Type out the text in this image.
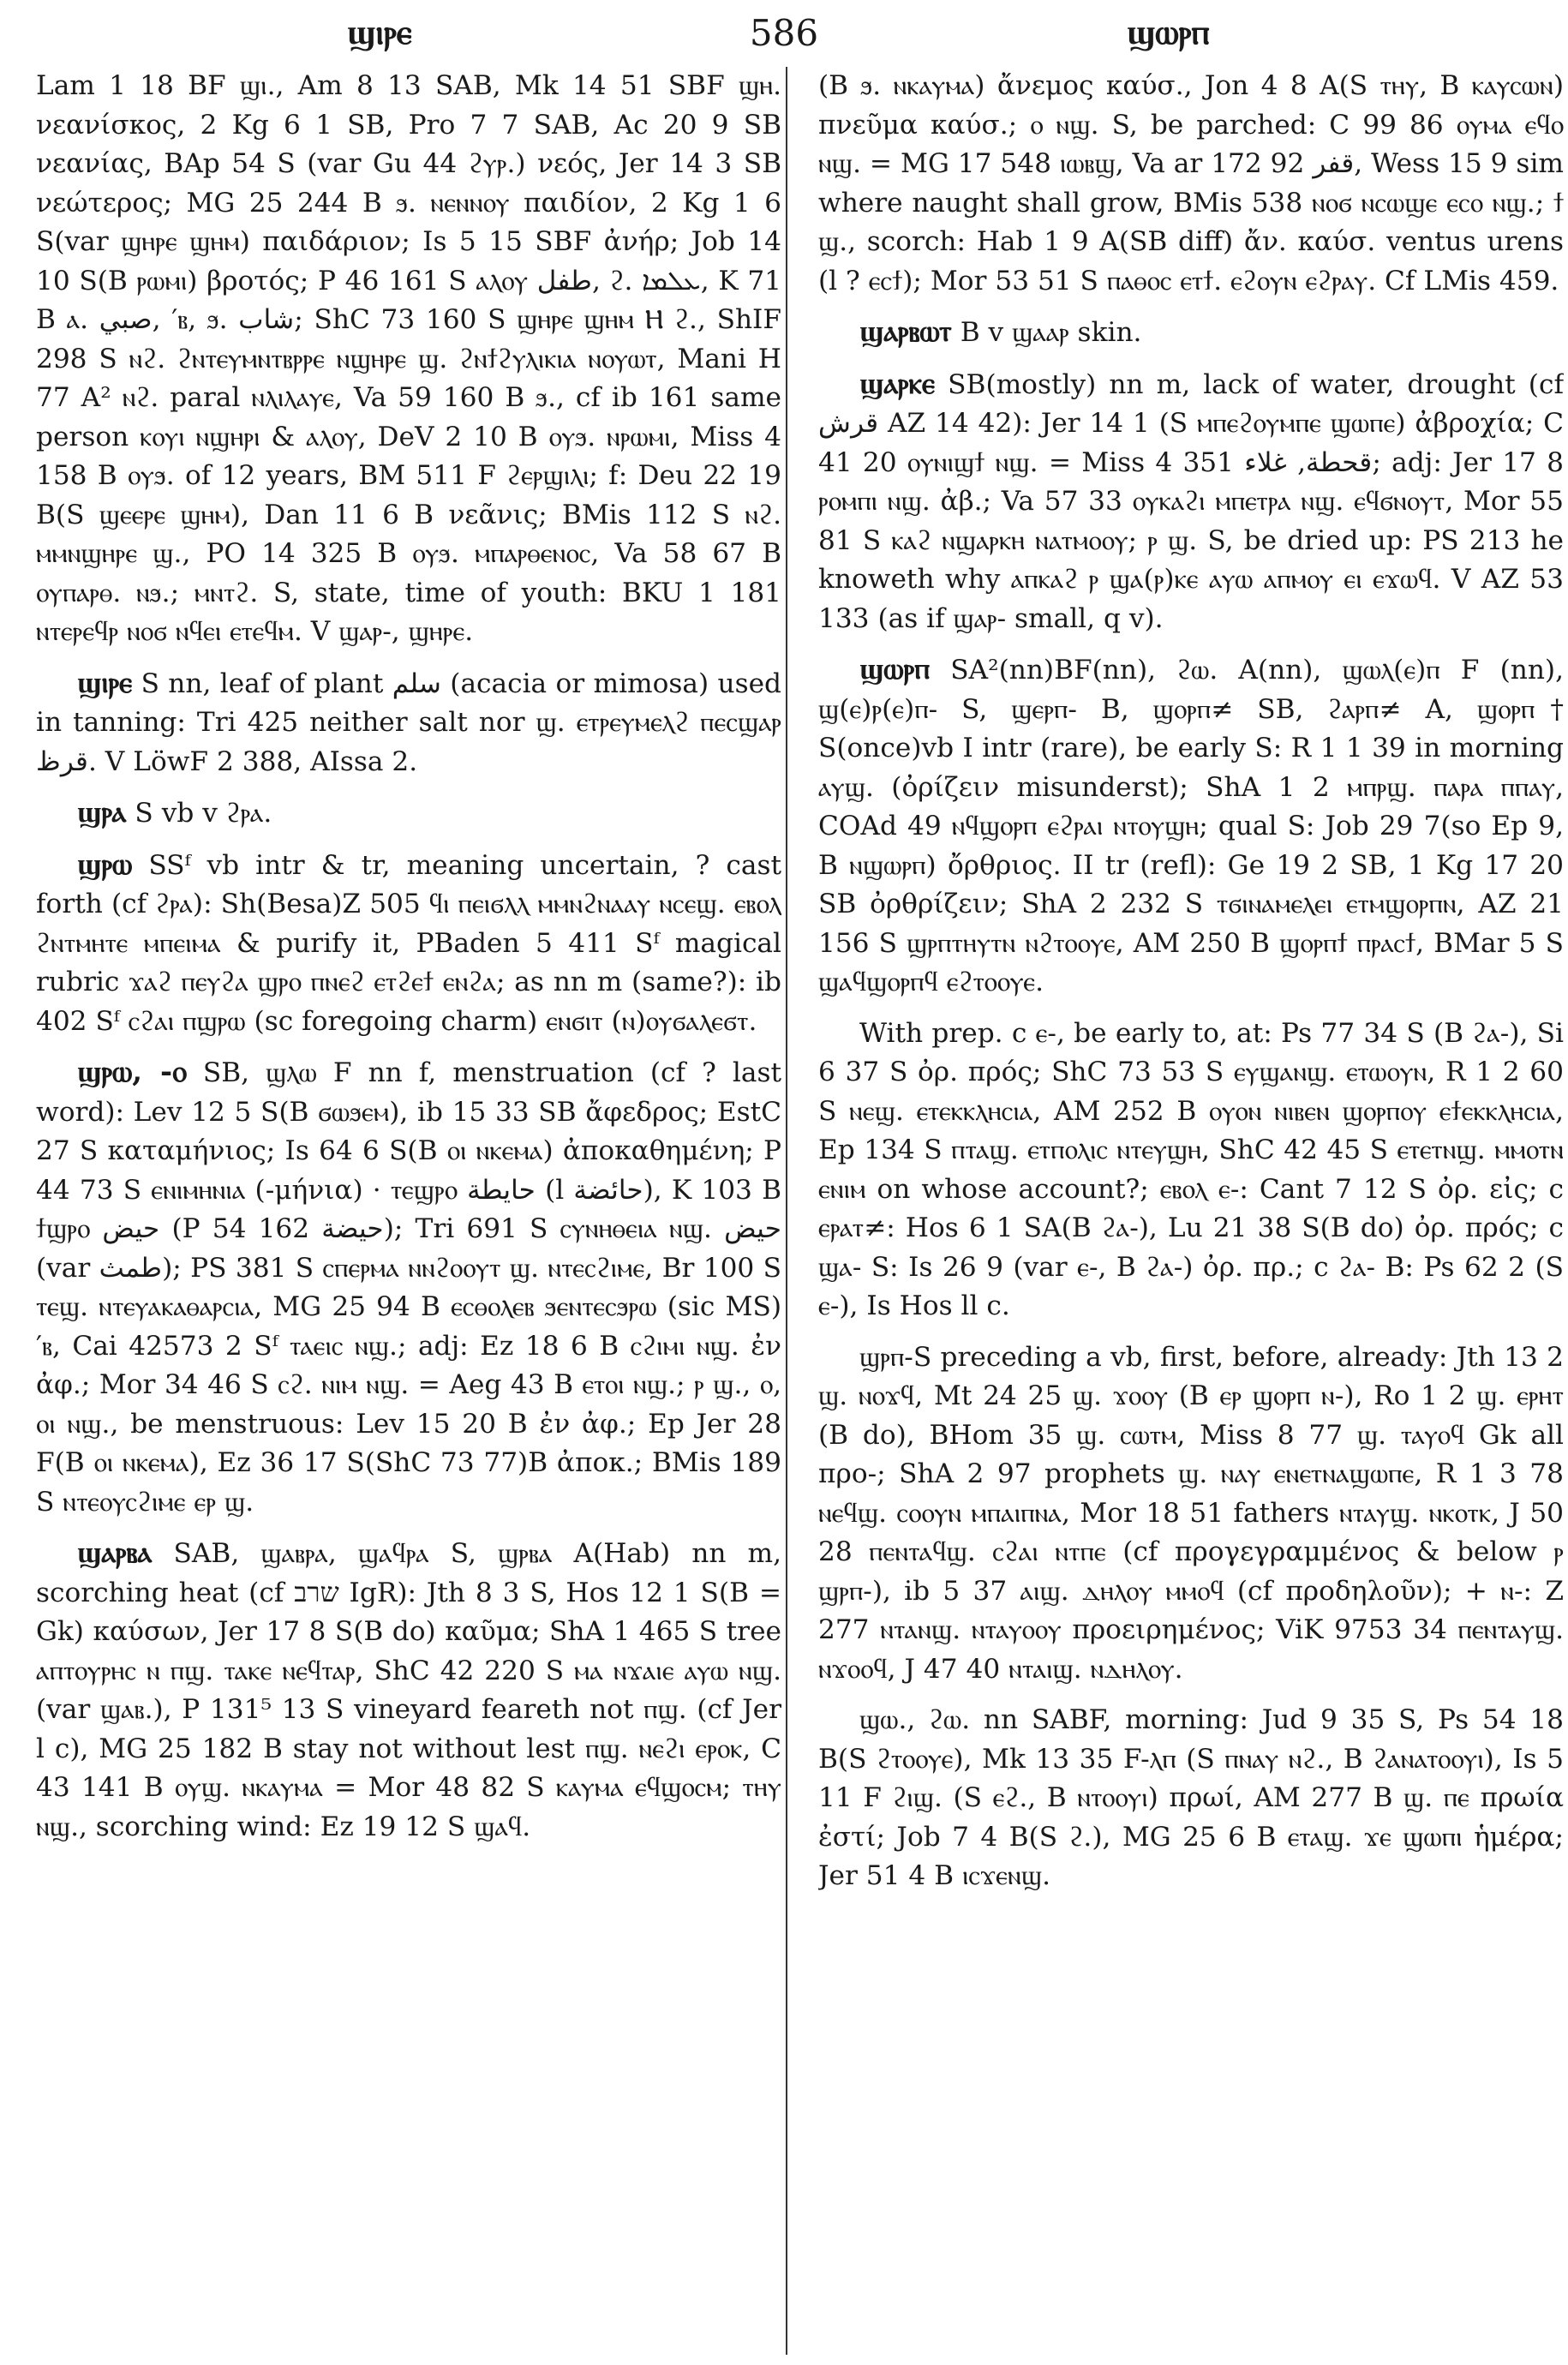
ϣⲓⲣⲉ	586	ϣⲱⲣⲡ
Lam 1 18 BF ϣⲓ., Am 8 13 SAB, Mk 14 51 SBF ϣⲏ. νεανίσκος, 2 Kg 6 1 SB, Pro 7 7 SAB, Ac 20 9 SB νεανίας, BAp 54 S (var Gu 44 ϩⲩⲣ.) νεός, Jer 14 3 SB νεώτερος; MG 25 244 B ϧ. ⲛⲉⲛⲛⲟⲩ παιδίον, 2 Kg 1 6 S(var ϣⲏⲣⲉ ϣⲏⲙ) παιδάριον; Is 5 15 SBF ἀνήρ; Job 14 10 S(B ⲣⲱⲙⲓ) βροτός; P 46 161 S ⲁⲗⲟⲩ طفل, ϩ. ܥܠܡܐ, K 71 B ⲁ. صبي, ′ⲃ, ϧ. شاب; ShC 73 160 S ϣⲏⲣⲉ ϣⲏⲙ Ⲏ ϩ., ShIF 298 S ⲛϩ. ϩⲛⲧⲉⲩⲙⲛⲧⲃⲣⲣⲉ ⲛϣⲏⲣⲉ ϣ. ϩⲛϯϩⲩⲗⲓⲕⲓⲁ ⲛⲟⲩⲱⲧ, Mani H 77 A² ⲛϩ. paral ⲛⲗⲓⲗⲁⲩⲉ, Va 59 160 B ϧ., cf ib 161 same person ⲕⲟⲩⲓ ⲛϣⲏⲣⲓ & ⲁⲗⲟⲩ, DeV 2 10 B ⲟⲩϧ. ⲛⲣⲱⲙⲓ, Miss 4 158 B ⲟⲩϧ. of 12 years, BM 511 F ϩⲉⲣϣⲓⲗⲓ; f: Deu 22 19 B(S ϣⲉⲉⲣⲉ ϣⲏⲙ), Dan 11 6 B νεᾶνις; BMis 112 S ⲛϩ. ⲙⲙⲛϣⲏⲣⲉ ϣ., PO 14 325 B ⲟⲩϧ. ⲙⲡⲁⲣⲑⲉⲛⲟⲥ, Va 58 67 B ⲟⲩⲡⲁⲣⲑ. ⲛϧ.; ⲙⲛⲧϩ. S, state, time of youth: BKU 1 181 ⲛⲧⲉⲣⲉϥⲣ ⲛⲟϭ ⲛϥⲉⲓ ⲉⲧⲉϥⲙ. V ϣⲁⲣ-, ϣⲏⲣⲉ.
ϣⲓⲣⲉ S nn, leaf of plant سلم (acacia or mimosa) used in tanning: Tri 425 neither salt nor ϣ. ⲉⲧⲣⲉⲩⲙⲉⲗϩ ⲡⲉⲥϣⲁⲣ قرظ. V LöwF 2 388, AIssa 2.
ϣⲣⲁ S vb v ϩⲣⲁ.
ϣⲣⲱ SSᶠ vb intr & tr, meaning uncertain, ? cast forth (cf ϩⲣⲁ): Sh(Besa)Z 505 ϥⲓ ⲡⲉⲓϭⲗⲗ ⲙⲙⲛϩⲛⲁⲁⲩ ⲛⲥⲉϣ. ⲉⲃⲟⲗ ϩⲛⲧⲙⲏⲧⲉ ⲙⲡⲉⲓⲙⲁ & purify it, PBaden 5 411 Sᶠ magical rubric ϫⲁϩ ⲡⲉⲩϩⲁ ϣⲣⲟ ⲡⲛⲉϩ ⲉⲧϩⲉϯ ⲉⲛϩⲁ; as nn m (same?): ib 402 Sᶠ ⲥϩⲁⲓ ⲡϣⲣⲱ (sc foregoing charm) ⲉⲛϭⲓⲧ (ⲛ)ⲟⲩϭⲁⲗⲉϭⲧ.
ϣⲣⲱ, -ⲟ SB, ϣⲗⲱ F nn f, menstruation (cf ? last word): Lev 12 5 S(B ϭⲱϧⲉⲙ), ib 15 33 SB ἄφεδρος; EstC 27 S καταμήνιος; Is 64 6 S(B ⲟⲓ ⲛⲕⲉⲙⲁ) ἀποκαθημένη; P 44 73 S ⲉⲛⲓⲙⲏⲛⲓⲁ (-μήνια) · ⲧⲉϣⲣⲟ حايطة (l حائضة), K 103 B ϯϣⲣⲟ حيض (P 54 162 حيضة); Tri 691 S ⲥⲩⲛⲏⲑⲉⲓⲁ ⲛϣ. حيض (var طمث); PS 381 S ⲥⲡⲉⲣⲙⲁ ⲛⲛϩⲟⲟⲩⲧ ϣ. ⲛⲧⲉⲥϩⲓⲙⲉ, Br 100 S ⲧⲉϣ. ⲛⲧⲉⲩⲁⲕⲁⲑⲁⲣⲥⲓⲁ, MG 25 94 B ⲉⲥⲑⲟⲗⲉⲃ ϧⲉⲛⲧⲉⲥϧⲣⲱ (sic MS) ′ⲃ, Cai 42573 2 Sᶠ ⲧⲁⲉⲓⲥ ⲛϣ.; adj: Ez 18 6 B ⲥϩⲓⲙⲓ ⲛϣ. ἐν ἀφ.; Mor 34 46 S ⲥϩ. ⲛⲓⲙ ⲛϣ. = Aeg 43 B ⲉⲧⲟⲓ ⲛϣ.; ⲣ ϣ., ⲟ, ⲟⲓ ⲛϣ., be menstruous: Lev 15 20 B ἐν ἀφ.; Ep Jer 28 F(B ⲟⲓ ⲛⲕⲉⲙⲁ), Ez 36 17 S(ShC 73 77)B ἀποκ.; BMis 189 S ⲛⲧⲉⲟⲩⲥϩⲓⲙⲉ ⲉⲣ ϣ.
ϣⲁⲣⲃⲁ SAB, ϣⲁⲃⲣⲁ, ϣⲁϥⲣⲁ S, ϣⲣⲃⲁ A(Hab) nn m, scorching heat (cf שרב IgR): Jth 8 3 S, Hos 12 1 S(B = Gk) καύσων, Jer 17 8 S(B do) καῦμα; ShA 1 465 S tree ⲁⲡⲧⲟⲩⲣⲏⲥ ⲛ ⲡϣ. ⲧⲁⲕⲉ ⲛⲉϥⲧⲁⲣ, ShC 42 220 S ⲙⲁ ⲛϫⲁⲓⲉ ⲁⲩⲱ ⲛϣ. (var ϣⲁⲃ.), P 131⁵ 13 S vineyard feareth not ⲡϣ. (cf Jer l c), MG 25 182 B stay not without lest ⲡϣ. ⲛⲉϩⲓ ⲉⲣⲟⲕ, C 43 141 B ⲟⲩϣ. ⲛⲕⲁⲩⲙⲁ = Mor 48 82 S ⲕⲁⲩⲙⲁ ⲉϥϣⲟⲥⲙ; ⲧⲏⲩ ⲛϣ., scorching wind: Ez 19 12 S ϣⲁϥ.
(B ϧ. ⲛⲕⲁⲩⲙⲁ) ἄνεμος καύσ., Jon 4 8 A(S ⲧⲏⲩ, B ⲕⲁⲩⲥⲱⲛ) πνεῦμα καύσ.; ⲟ ⲛϣ. S, be parched: C 99 86 ⲟⲩⲙⲁ ⲉϥⲟ ⲛϣ. = MG 17 548 ⲓⲱⲃϣ, Va ar 172 92 ﻗﻔﺮ, Wess 15 9 sim where naught shall grow, BMis 538 ⲛⲟϭ ⲛⲥⲱϣⲉ ⲉⲥⲟ ⲛϣ.; ϯ ϣ., scorch: Hab 1 9 A(SB diff) ἄν. καύσ. ventus urens (l ? ⲉⲥϯ); Mor 53 51 S ⲡⲁⲑⲟⲥ ⲉⲧϯ. ⲉϩⲟⲩⲛ ⲉϩⲣⲁⲩ. Cf LMis 459.
ϣⲁⲣⲃⲱⲧ B v ϣⲁⲁⲣ skin.
ϣⲁⲣⲕⲉ SB(mostly) nn m, lack of water, drought (cf قرش AZ 14 42): Jer 14 1 (S ⲙⲡⲉϩⲟⲩⲙⲡⲉ ϣⲱⲡⲉ) ἀβροχία; C 41 20 ⲟⲩⲛⲓϣϯ ⲛϣ. = Miss 4 351 قحطة, غلاء; adj: Jer 17 8 ⲣⲟⲙⲡⲓ ⲛϣ. ἀβ.; Va 57 33 ⲟⲩⲕⲁϩⲓ ⲙⲡⲉⲧⲣⲁ ⲛϣ. ⲉϥϭⲛⲟⲩⲧ, Mor 55 81 S ⲕⲁϩ ⲛϣⲁⲣⲕⲏ ⲛⲁⲧⲙⲟⲟⲩ; ⲣ ϣ. S, be dried up: PS 213 he knoweth why ⲁⲡⲕⲁϩ ⲣ ϣⲁ(ⲣ)ⲕⲉ ⲁⲩⲱ ⲁⲡⲙⲟⲩ ⲉⲓ ⲉϫⲱϥ. V AZ 53 133 (as if ϣⲁⲣ- small, q v).
ϣⲱⲣⲡ SA²(nn)BF(nn), ϩⲱ. A(nn), ϣⲱⲗ(ⲉ)ⲡ F (nn), ϣ(ⲉ)ⲣ(ⲉ)ⲡ- S, ϣⲉⲣⲡ- B, ϣⲟⲣⲡ≠ SB, ϩⲁⲣⲡ≠ A, ϣⲟⲣⲡ† S(once)vb I intr (rare), be early S: R 1 1 39 in morning ⲁⲩϣ. (ὀρίζειν misunderst); ShA 1 2 ⲙⲡⲣϣ. ⲡⲁⲣⲁ ⲡⲡⲁⲩ, COAd 49 ⲛϥϣⲟⲣⲡ ⲉϩⲣⲁⲓ ⲛⲧⲟⲩϣⲏ; qual S: Job 29 7(so Ep 9, B ⲛϣⲱⲣⲡ) ὄρθριος. II tr (refl): Ge 19 2 SB, 1 Kg 17 20 SB ὀρθρίζειν; ShA 2 232 S ⲧϭⲓⲛⲁⲙⲉⲗⲉⲓ ⲉⲧⲙϣⲟⲣⲡⲛ, AZ 21 156 S ϣⲣⲡⲧⲏⲩⲧⲛ ⲛϩⲧⲟⲟⲩⲉ, AM 250 B ϣⲟⲣⲡϯ ⲡⲣⲁⲥϯ, BMar 5 S ϣⲁϥϣⲟⲣⲡϥ ⲉϩⲧⲟⲟⲩⲉ.
With prep. c ⲉ-, be early to, at: Ps 77 34 S (B ϩⲁ-), Si 6 37 S ὀρ. πρός; ShC 73 53 S ⲉⲩϣⲁⲛϣ. ⲉⲧⲱⲟⲩⲛ, R 1 2 60 S ⲛⲉϣ. ⲉⲧⲉⲕⲕⲗⲏⲥⲓⲁ, AM 252 B ⲟⲩⲟⲛ ⲛⲓⲃⲉⲛ ϣⲟⲣⲡⲟⲩ ⲉϯⲉⲕⲕⲗⲏⲥⲓⲁ, Ep 134 S ⲡⲧⲁϣ. ⲉⲧⲡⲟⲗⲓⲥ ⲛⲧⲉⲩϣⲏ, ShC 42 45 S ⲉⲧⲉⲧⲛϣ. ⲙⲙⲟⲧⲛ ⲉⲛⲓⲙ on whose account?; ⲉⲃⲟⲗ ⲉ-: Cant 7 12 S ὀρ. εἰς; c ⲉⲣⲁⲧ≠: Hos 6 1 SA(B ϩⲁ-), Lu 21 38 S(B do) ὀρ. πρός; c ϣⲁ- S: Is 26 9 (var ⲉ-, B ϩⲁ-) ὀρ. πρ.; c ϩⲁ- B: Ps 62 2 (S ⲉ-), Is Hos ll c.
ϣⲣⲡ-S preceding a vb, first, before, already: Jth 13 2 ϣ. ⲛⲟϫϥ, Mt 24 25 ϣ. ϫⲟⲟⲩ (B ⲉⲣ ϣⲟⲣⲡ ⲛ-), Ro 1 2 ϣ. ⲉⲣⲏⲧ (B do), BHom 35 ϣ. ⲥⲱⲧⲙ, Miss 8 77 ϣ. ⲧⲁⲩⲟϥ Gk all προ-; ShA 2 97 prophets ϣ. ⲛⲁⲩ ⲉⲛⲉⲧⲛⲁϣⲱⲡⲉ, R 1 3 78 ⲛⲉϥϣ. ⲥⲟⲟⲩⲛ ⲙⲡⲁⲓⲡⲛⲁ, Mor 18 51 fathers ⲛⲧⲁⲩϣ. ⲛⲕⲟⲧⲕ, J 50 28 ⲡⲉⲛⲧⲁϥϣ. ⲥϩⲁⲓ ⲛⲧⲡⲉ (cf προγεγραμμένος & below ⲣ ϣⲣⲡ-), ib 5 37 ⲁⲓϣ. ⲇⲏⲗⲟⲩ ⲙⲙⲟϥ (cf προδηλοῦν); + ⲛ-: Z 277 ⲛⲧⲁⲛϣ. ⲛⲧⲁⲩⲟⲟⲩ προειρημένος; ViK 9753 34 ⲡⲉⲛⲧⲁⲩϣ. ⲛϫⲟⲟϥ, J 47 40 ⲛⲧⲁⲓϣ. ⲛⲇⲏⲗⲟⲩ.
ϣⲱ., ϩⲱ. nn SABF, morning: Jud 9 35 S, Ps 54 18 B(S ϩⲧⲟⲟⲩⲉ), Mk 13 35 F-ⲗⲡ (S ⲡⲛⲁⲩ ⲛϩ., B ϩⲁⲛⲁⲧⲟⲟⲩⲓ), Is 5 11 F ϩⲓϣ. (S ⲉϩ., B ⲛⲧⲟⲟⲩⲓ) πρωί, AM 277 B ϣ. ⲡⲉ πρωία ἐστί; Job 7 4 B(S ϩ.), MG 25 6 B ⲉⲧⲁϣ. ϫⲉ ϣⲱⲡⲓ ἡμέρα; Jer 51 4 B ⲓⲥϫⲉⲛϣ.
